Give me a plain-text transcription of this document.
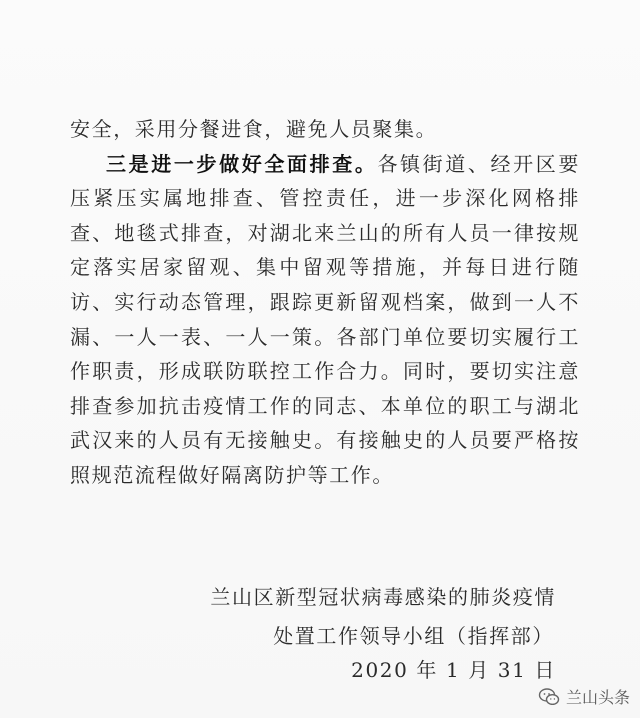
安全，采用分餐进食，避免人员聚集。

三是进一步做好全面排查。各镇街道、经开区要压紧压实属地排查、管控责任，进一步深化网格排查、地毯式排查，对湖北来兰山的所有人员一律按规定落实居家留观、集中留观等措施，并每日进行随访、实行动态管理，跟踪更新留观档案，做到一人不漏、一人一表、一人一策。各部门单位要切实履行工作职责，形成联防联控工作合力。同时，要切实注意排查参加抗击疫情工作的同志、本单位的职工与湖北武汉来的人员有无接触史。有接触史的人员要严格按照规范流程做好隔离防护等工作。

兰山区新型冠状病毒感染的肺炎疫情
处置工作领导小组（指挥部）
2020 年 1 月 31 日
兰山头条
